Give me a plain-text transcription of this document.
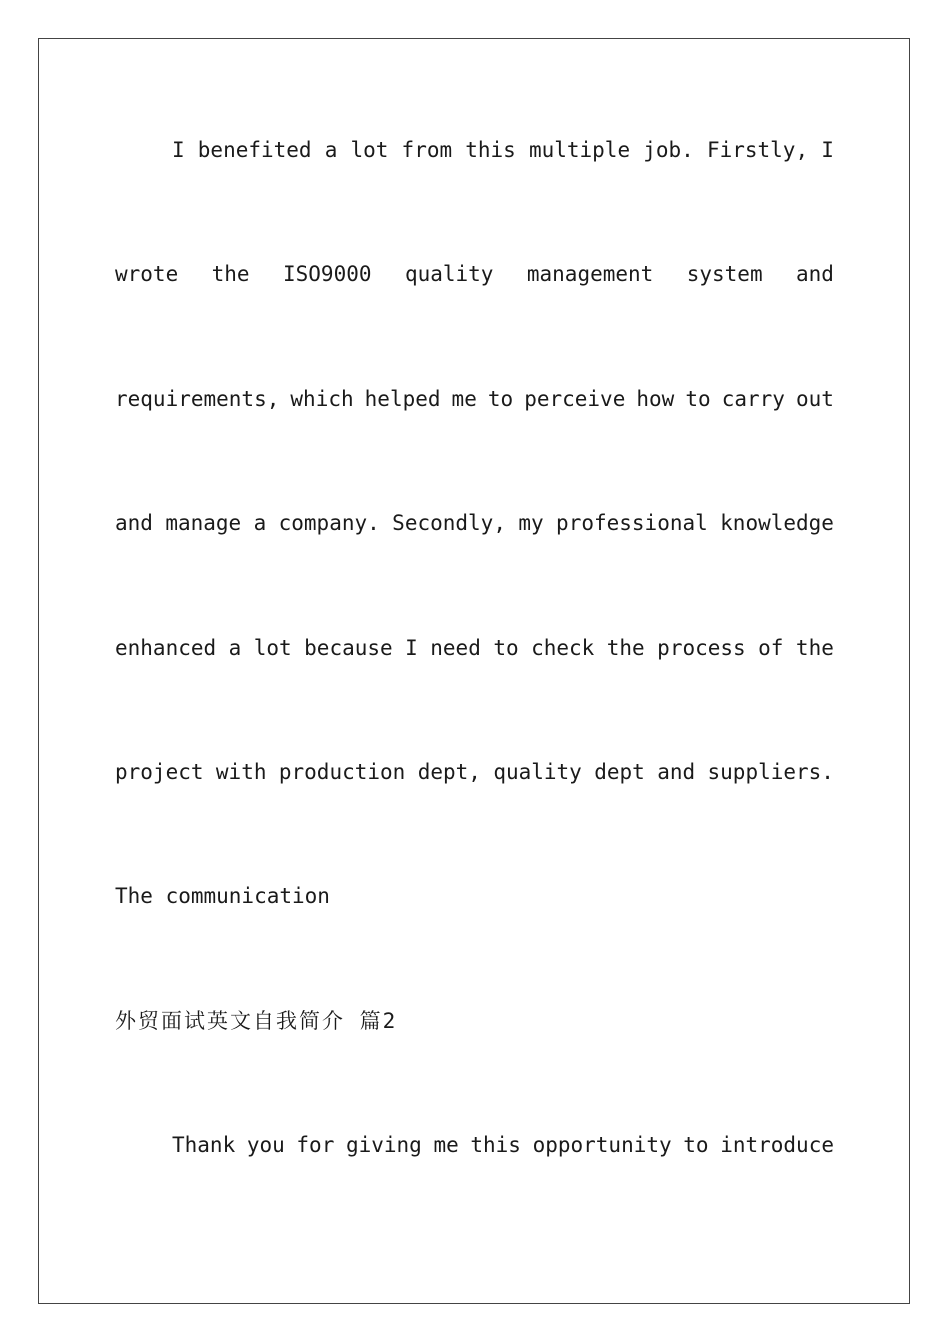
I benefited a lot from this multiple job. Firstly, I
wrote the ISO9000 quality management system and
requirements, which helped me to perceive how to carry out
and manage a company. Secondly, my professional knowledge
enhanced a lot because I need to check the process of the
project with production dept, quality dept and suppliers.
The communication
外贸面试英文自我简介 篇2
Thank you for giving me this opportunity to introduce
